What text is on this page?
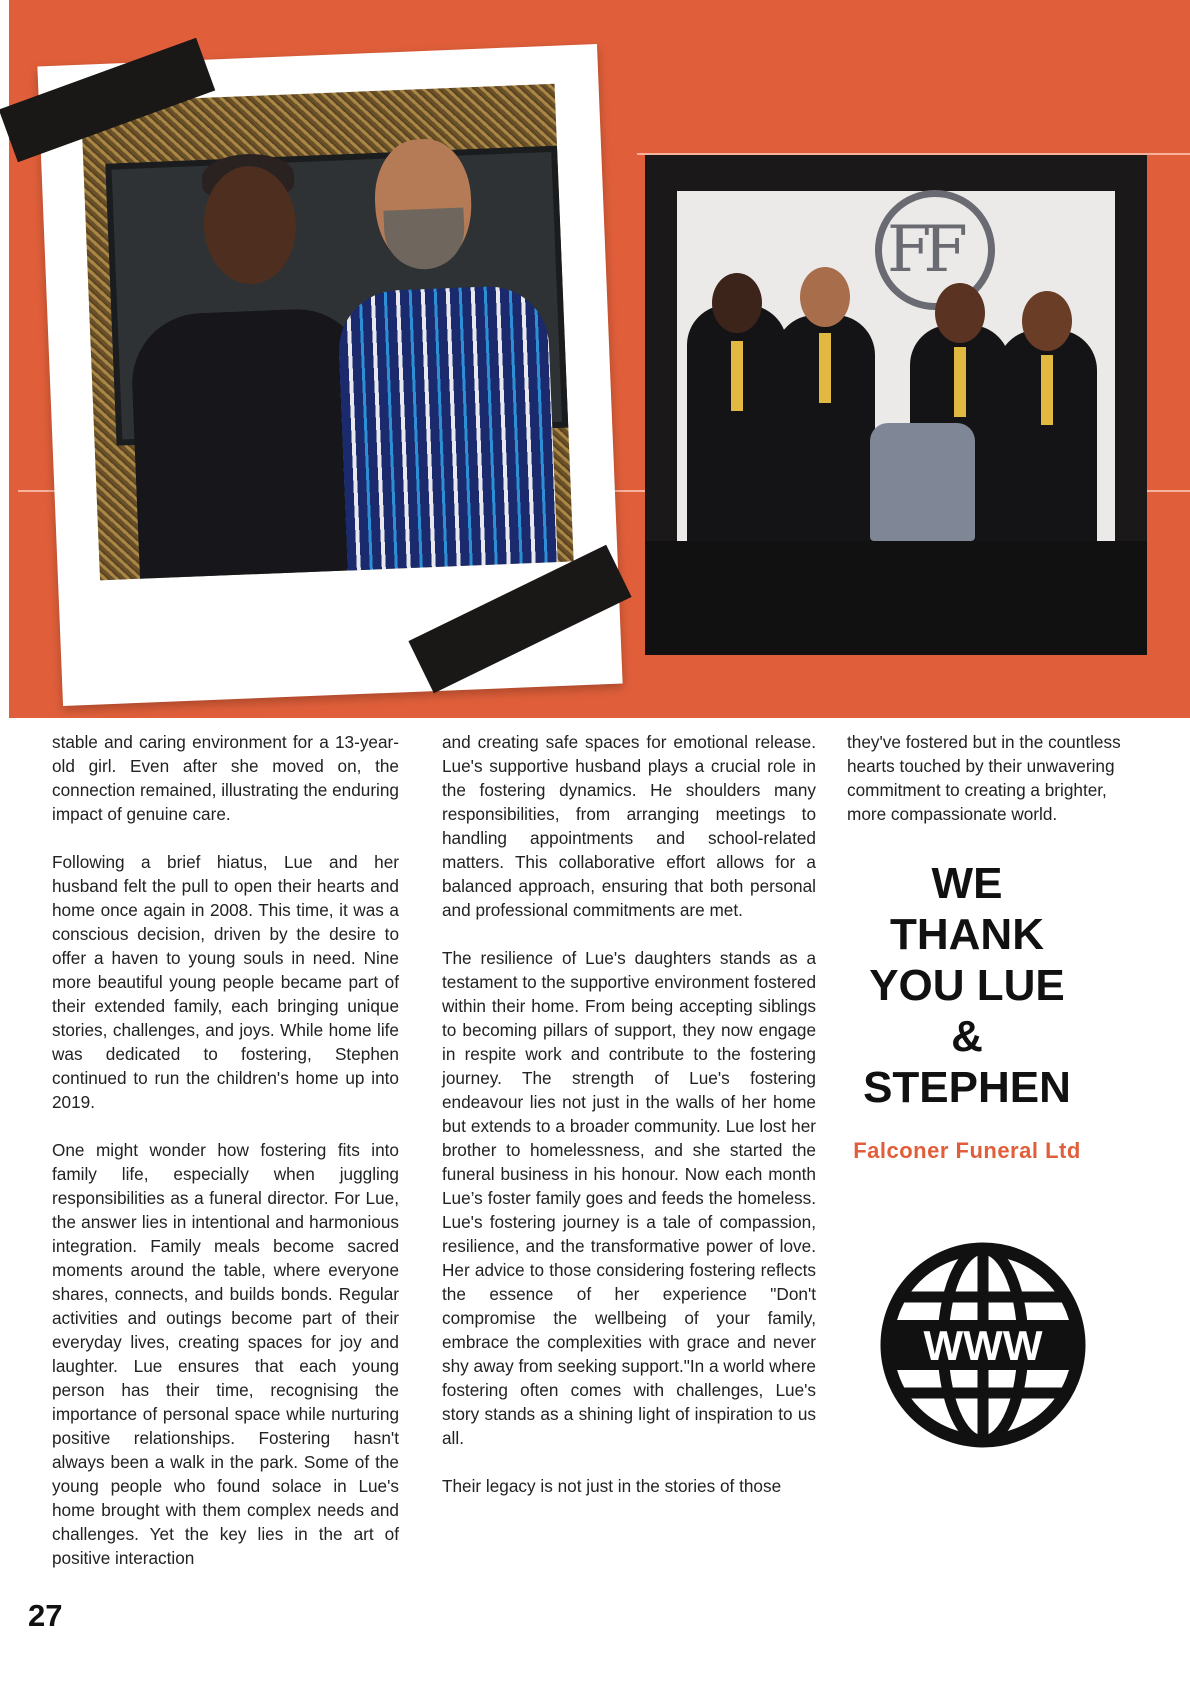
FF

stable and caring environment for a 13-year-old girl. Even after she moved on, the connection remained, illustrating the enduring impact of genuine care.

Following a brief hiatus, Lue and her husband felt the pull to open their hearts and home once again in 2008. This time, it was a conscious decision, driven by the desire to offer a haven to young souls in need. Nine more beautiful young people became part of their extended family, each bringing unique stories, challenges, and joys. While home life was dedicated to fostering, Stephen continued to run the children's home up into 2019.

One might wonder how fostering fits into family life, especially when juggling responsibilities as a funeral director. For Lue, the answer lies in intentional and harmonious integration. Family meals become sacred moments around the table, where everyone shares, connects, and builds bonds. Regular activities and outings become part of their everyday lives, creating spaces for joy and laughter. Lue ensures that each young person has their time, recognising the importance of personal space while nurturing positive relationships. Fostering hasn't always been a walk in the park. Some of the young people who found solace in Lue's home brought with them complex needs and challenges. Yet the key lies in the art of positive interaction

and creating safe spaces for emotional release. Lue's supportive husband plays a crucial role in the fostering dynamics. He shoulders many responsibilities, from arranging meetings to handling appointments and school-related matters. This collaborative effort allows for a balanced approach, ensuring that both personal and professional commitments are met.

The resilience of Lue's daughters stands as a testament to the supportive environment fostered within their home. From being accepting siblings to becoming pillars of support, they now engage in respite work and contribute to the fostering journey. The strength of Lue's fostering endeavour lies not just in the walls of her home but extends to a broader community. Lue lost her brother to homelessness, and she started the funeral business in his honour. Now each month Lue’s foster family goes and feeds the homeless. Lue's fostering journey is a tale of compassion, resilience, and the transformative power of love. Her advice to those considering fostering reflects the essence of her experience "Don't compromise the wellbeing of your family, embrace the complexities with grace and never shy away from seeking support."In a world where fostering often comes with challenges, Lue's story stands as a shining light of inspiration to us all.

Their legacy is not just in the stories of those

they've fostered but in the countless hearts touched by their unwavering commitment to creating a brighter, more compassionate world.

WE
THANK
YOU LUE
&
STEPHEN
Falconer Funeral Ltd
WWW
27
